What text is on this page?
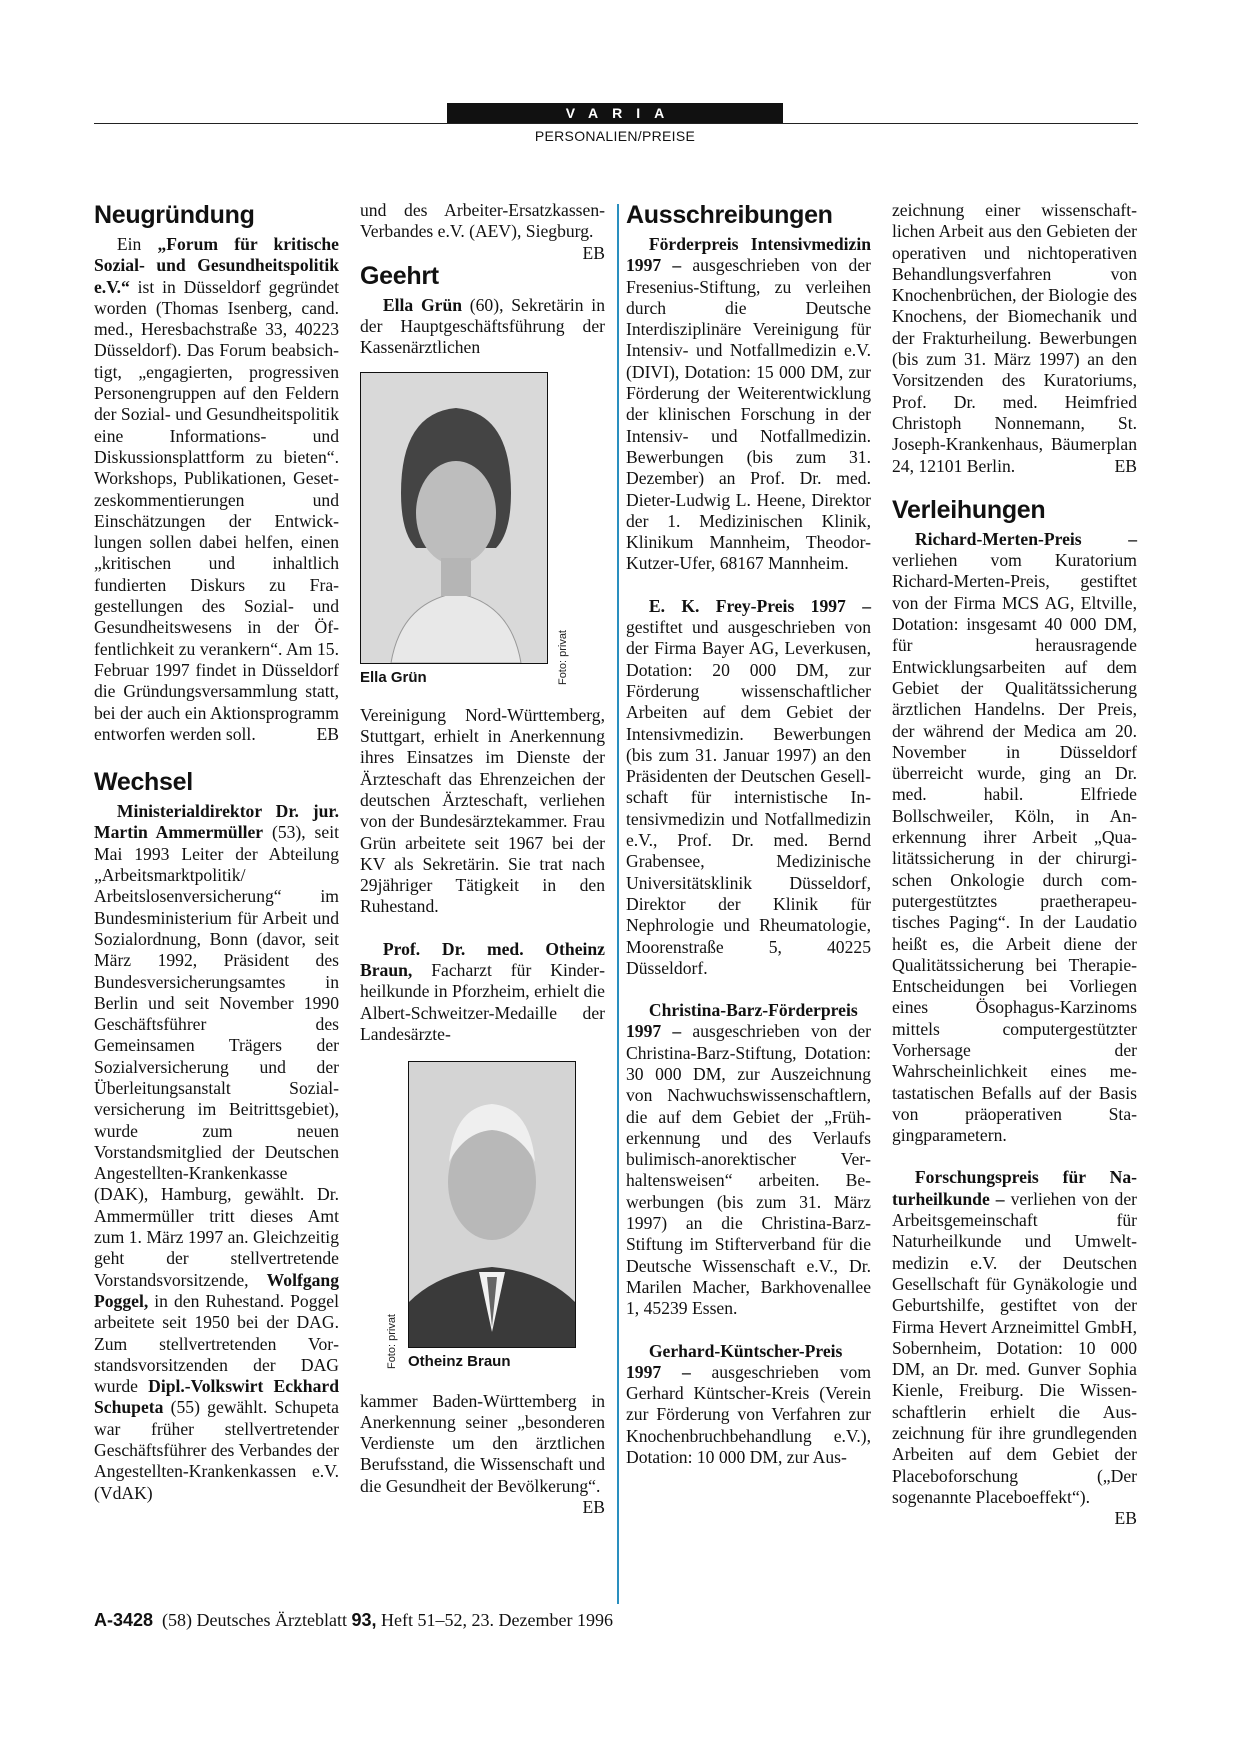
VARIA
PERSONALIEN/PREISE
Neugründung

Ein „Forum für kritische Sozial- und Gesundheitspolitik e.V.“ ist in Düsseldorf gegründet worden (Thomas Isenberg, cand. med., Heresbachstraße 33, 40223 Düsseldorf). Das Forum beabsichtigt, „engagierten, progressiven Personengruppen auf den Feldern der Sozial- und Gesundheitspolitik eine Informations- und Diskussionsplattform zu bieten“. Workshops, Publikationen, Gesetzeskommentierungen und Einschätzungen der Entwicklungen sollen dabei helfen, einen „kritischen und inhaltlich fundierten Diskurs zu Fragestellungen des Sozial- und Gesundheitswesens in der Öffentlichkeit zu verankern“. Am 15. Februar 1997 findet in Düsseldorf die Gründungsversammlung statt, bei der auch ein Aktionsprogramm entworfen werden soll.	EB

Wechsel

Ministerialdirektor Dr. jur. Martin Ammermüller (53), seit Mai 1993 Leiter der Abteilung „Arbeitsmarktpolitik/ Arbeitslosenversicherung“ im Bundesministerium für Arbeit und Sozialordnung, Bonn (davor, seit März 1992, Präsident des Bundesversicherungsamtes in Berlin und seit November 1990 Geschäftsführer des Gemeinsamen Trägers der Sozialversicherung und der Überleitungsanstalt Sozialversicherung im Beitrittsgebiet), wurde zum neuen Vorstandsmitglied der Deutschen Angestellten-Krankenkasse (DAK), Hamburg, gewählt. Dr. Ammermüller tritt dieses Amt zum 1. März 1997 an. Gleichzeitig geht der stellvertretende Vorstandsvorsitzende, Wolfgang Poggel, in den Ruhestand. Poggel arbeitete seit 1950 bei der DAG. Zum stellvertretenden Vorstandsvorsitzenden der DAG wurde Dipl.-Volkswirt Eckhard Schupeta (55) gewählt. Schupeta war früher stellvertretender Geschäftsführer des Verbandes der Angestellten-Krankenkassen e.V. (VdAK)

und des Arbeiter-Ersatzkassen-Verbandes e.V. (AEV), Siegburg.
EB

Geehrt

Ella Grün (60), Sekretärin in der Hauptgeschäftsführung der Kassenärztlichen

Foto: privat
Ella Grün

Vereinigung Nord-Württemberg, Stuttgart, erhielt in Anerkennung ihres Einsatzes im Dienste der Ärzteschaft das Ehrenzeichen der deutschen Ärzteschaft, verliehen von der Bundesärztekammer. Frau Grün arbeitete seit 1967 bei der KV als Sekretärin. Sie trat nach 29jähriger Tätigkeit in den Ruhestand.

Prof. Dr. med. Otheinz Braun, Facharzt für Kinderheilkunde in Pforzheim, erhielt die Albert-Schweitzer-Medaille der Landesärzte-

Foto: privat Otheinz Braun

kammer Baden-Württemberg in Anerkennung seiner „besonderen Verdienste um den ärztlichen Berufsstand, die Wissenschaft und die Gesundheit der Bevölkerung“.
EB

Ausschreibungen

Förderpreis Intensivmedizin 1997 – ausgeschrieben von der Fresenius-Stiftung, zu verleihen durch die Deutsche Interdisziplinäre Vereinigung für Intensiv- und Notfallmedizin e.V. (DIVI), Dotation: 15 000 DM, zur Förderung der Weiterentwicklung der klinischen Forschung in der Intensiv- und Notfallmedizin. Bewerbungen (bis zum 31. Dezember) an Prof. Dr. med. Dieter-Ludwig L. Heene, Direktor der 1. Medizinischen Klinik, Klinikum Mannheim, Theodor-Kutzer-Ufer, 68167 Mannheim.

E. K. Frey-Preis 1997 – gestiftet und ausgeschrieben von der Firma Bayer AG, Leverkusen, Dotation: 20 000 DM, zur Förderung wissenschaftlicher Arbeiten auf dem Gebiet der Intensivmedizin. Bewerbungen (bis zum 31. Januar 1997) an den Präsidenten der Deutschen Gesellschaft für internistische Intensivmedizin und Notfallmedizin e.V., Prof. Dr. med. Bernd Grabensee, Medizinische Universitätsklinik Düsseldorf, Direktor der Klinik für Nephrologie und Rheumatologie, Moorenstraße 5, 40225 Düsseldorf.

Christina-Barz-Förderpreis 1997 – ausgeschrieben von der Christina-Barz-Stiftung, Dotation: 30 000 DM, zur Auszeichnung von Nachwuchswissenschaftlern, die auf dem Gebiet der „Früherkennung und des Verlaufs bulimisch-anorektischer Verhaltensweisen“ arbeiten. Bewerbungen (bis zum 31. März 1997) an die Christina-Barz-Stiftung im Stifterverband für die Deutsche Wissenschaft e.V., Dr. Marilen Macher, Barkhovenallee 1, 45239 Essen.

Gerhard-Küntscher-Preis 1997 – ausgeschrieben vom Gerhard Küntscher-Kreis (Verein zur Förderung von Verfahren zur Knochenbruchbehandlung e.V.), Dotation: 10 000 DM, zur Aus-

zeichnung einer wissenschaftlichen Arbeit aus den Gebieten der operativen und nichtoperativen Behandlungsverfahren von Knochenbrüchen, der Biologie des Knochens, der Biomechanik und der Frakturheilung. Bewerbungen (bis zum 31. März 1997) an den Vorsitzenden des Kuratoriums, Prof. Dr. med. Heimfried Christoph Nonnemann, St. Joseph-Krankenhaus, Bäumerplan 24, 12101 Berlin.	EB

Verleihungen

Richard-Merten-Preis – verliehen vom Kuratorium Richard-Merten-Preis, gestiftet von der Firma MCS AG, Eltville, Dotation: insgesamt 40 000 DM, für herausragende Entwicklungsarbeiten auf dem Gebiet der Qualitätssicherung ärztlichen Handelns. Der Preis, der während der Medica am 20. November in Düsseldorf überreicht wurde, ging an Dr. med. habil. Elfriede Bollschweiler, Köln, in Anerkennung ihrer Arbeit „Qualitätssicherung in der chirurgischen Onkologie durch computergestütztes praetherapeutisches Paging“. In der Laudatio heißt es, die Arbeit diene der Qualitätssicherung bei Therapie-Entscheidungen bei Vorliegen eines Ösophagus-Karzinoms mittels computergestützter Vorhersage der Wahrscheinlichkeit eines metastatischen Befalls auf der Basis von präoperativen Stagingparametern.

Forschungspreis für Naturheilkunde – verliehen von der Arbeitsgemeinschaft für Naturheilkunde und Umweltmedizin e.V. der Deutschen Gesellschaft für Gynäkologie und Geburtshilfe, gestiftet von der Firma Hevert Arzneimittel GmbH, Sobernheim, Dotation: 10 000 DM, an Dr. med. Gunver Sophia Kienle, Freiburg. Die Wissenschaftlerin erhielt die Auszeichnung für ihre grundlegenden Arbeiten auf dem Gebiet der Placeboforschung („Der sogenannte Placeboeffekt“).
EB

A-3428 (58) Deutsches Ärzteblatt 93, Heft 51–52, 23. Dezember 1996
